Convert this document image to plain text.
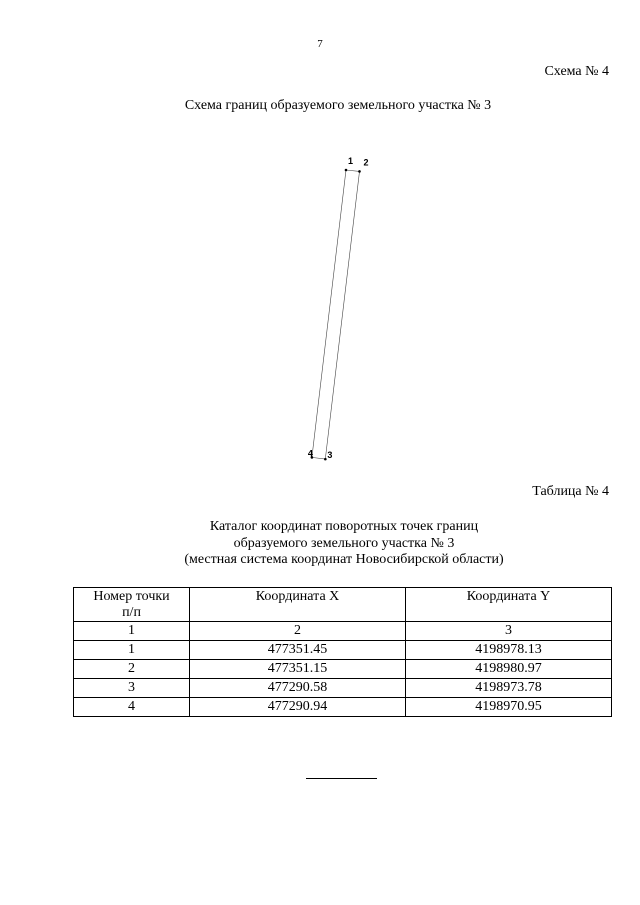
7
Схема № 4
Схема границ образуемого земельного участка № 3
1 2
3
4
Таблица № 4
Каталог координат поворотных точек границ
образуемого земельного участка № 3
(местная система координат Новосибирской области)
Номер точки
п/п	Координата X	Координата Y
1	2	3
1	477351.45	4198978.13
2	477351.15	4198980.97
3	477290.58	4198973.78
4	477290.94	4198970.95
